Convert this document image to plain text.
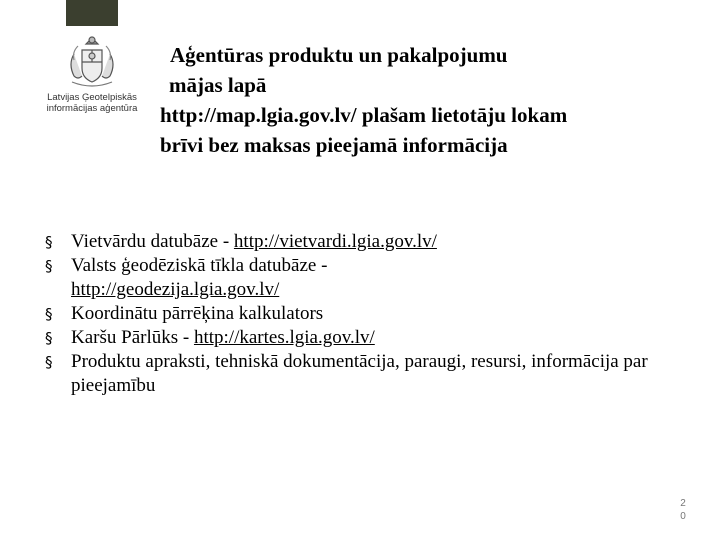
Latvijas Ģeotelpiskās
informācijas aģentūra
Aģentūras produktu un pakalpojumu
mājas lapā
http://map.lgia.gov.lv/ plašam lietotāju lokam
brīvi bez maksas pieejamā informācija
§ Vietvārdu datubāze - http://vietvardi.lgia.gov.lv/
§ Valsts ģeodēziskā tīkla datubāze -
http://geodezija.lgia.gov.lv/
§ Koordinātu pārrēķina kalkulators
§ Karšu Pārlūks - http://kartes.lgia.gov.lv/
§ Produktu apraksti, tehniskā dokumentācija, paraugi, resursi, informācija par pieejamību
2
0
